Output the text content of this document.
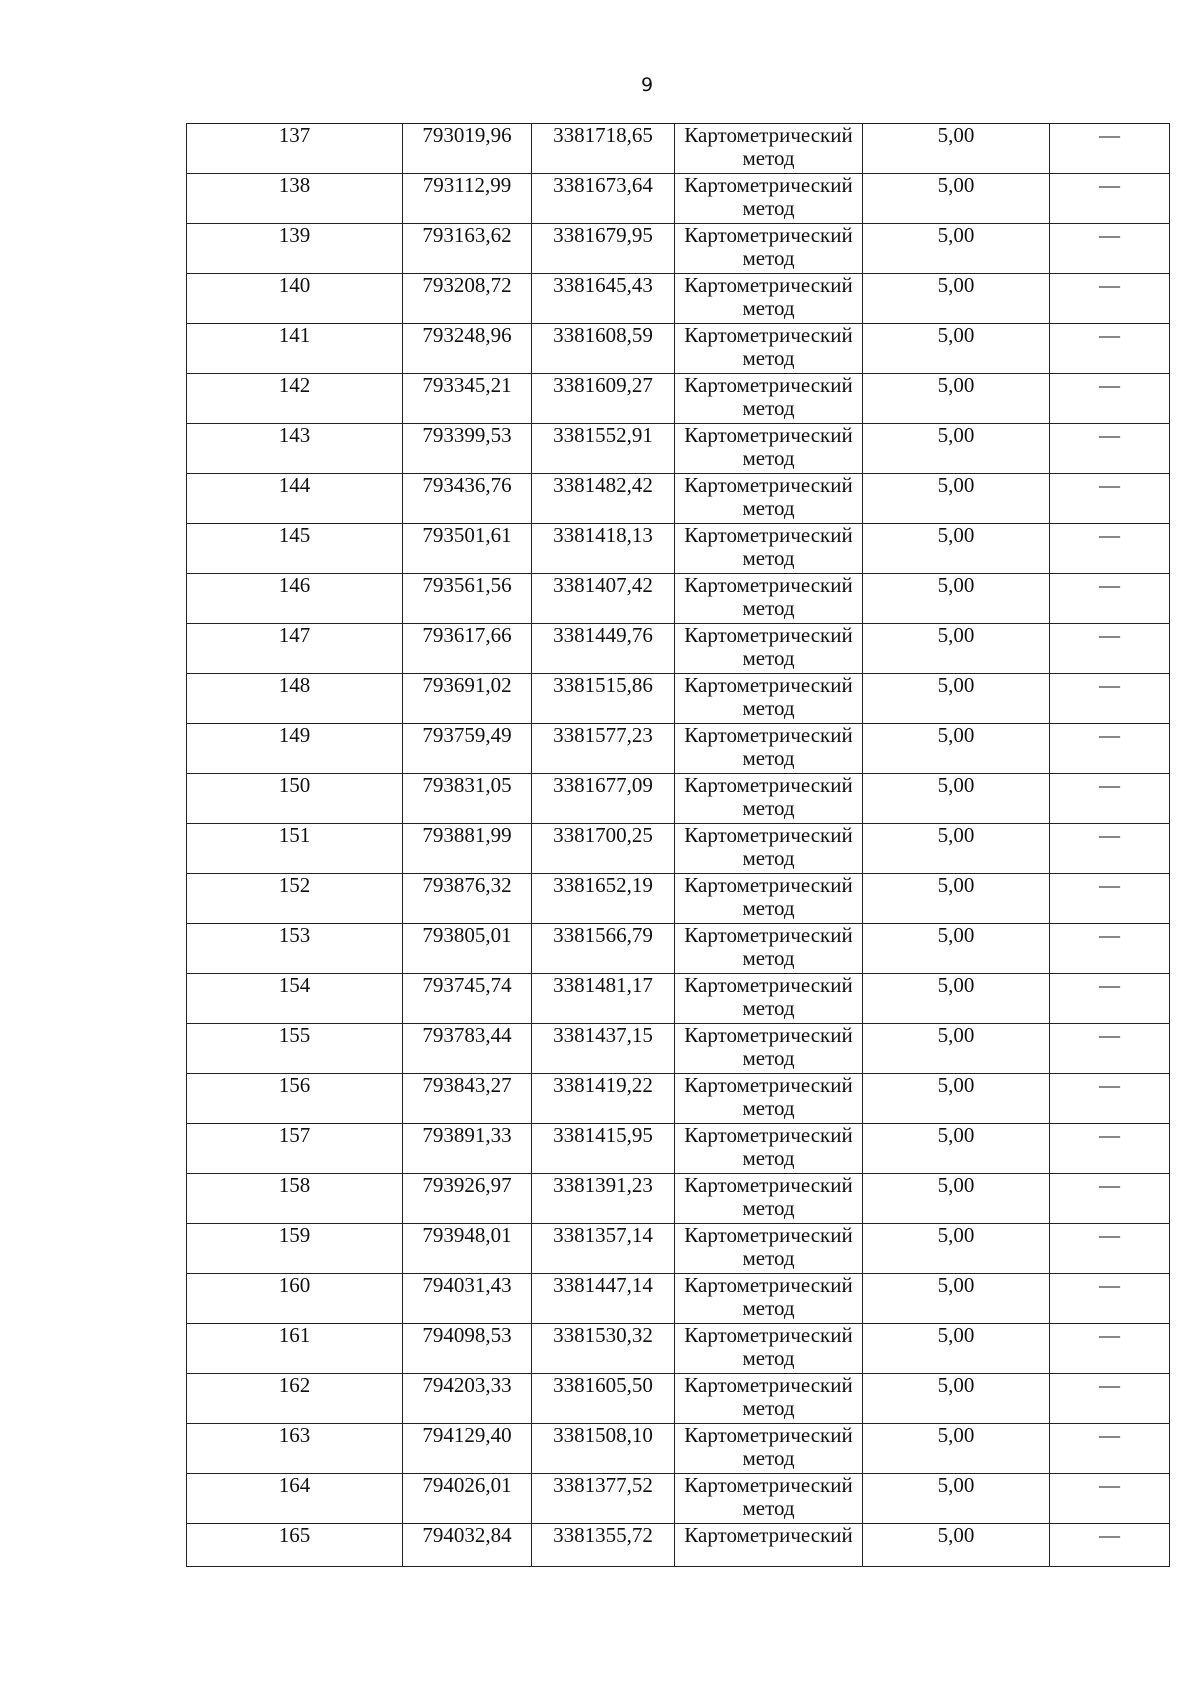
9
137	793019,96	3381718,65	Картометрический
метод	5,00	—
138	793112,99	3381673,64	Картометрический
метод	5,00	—
139	793163,62	3381679,95	Картометрический
метод	5,00	—
140	793208,72	3381645,43	Картометрический
метод	5,00	—
141	793248,96	3381608,59	Картометрический
метод	5,00	—
142	793345,21	3381609,27	Картометрический
метод	5,00	—
143	793399,53	3381552,91	Картометрический
метод	5,00	—
144	793436,76	3381482,42	Картометрический
метод	5,00	—
145	793501,61	3381418,13	Картометрический
метод	5,00	—
146	793561,56	3381407,42	Картометрический
метод	5,00	—
147	793617,66	3381449,76	Картометрический
метод	5,00	—
148	793691,02	3381515,86	Картометрический
метод	5,00	—
149	793759,49	3381577,23	Картометрический
метод	5,00	—
150	793831,05	3381677,09	Картометрический
метод	5,00	—
151	793881,99	3381700,25	Картометрический
метод	5,00	—
152	793876,32	3381652,19	Картометрический
метод	5,00	—
153	793805,01	3381566,79	Картометрический
метод	5,00	—
154	793745,74	3381481,17	Картометрический
метод	5,00	—
155	793783,44	3381437,15	Картометрический
метод	5,00	—
156	793843,27	3381419,22	Картометрический
метод	5,00	—
157	793891,33	3381415,95	Картометрический
метод	5,00	—
158	793926,97	3381391,23	Картометрический
метод	5,00	—
159	793948,01	3381357,14	Картометрический
метод	5,00	—
160	794031,43	3381447,14	Картометрический
метод	5,00	—
161	794098,53	3381530,32	Картометрический
метод	5,00	—
162	794203,33	3381605,50	Картометрический
метод	5,00	—
163	794129,40	3381508,10	Картометрический
метод	5,00	—
164	794026,01	3381377,52	Картометрический
метод	5,00	—
165	794032,84	3381355,72	Картометрический	5,00	—
